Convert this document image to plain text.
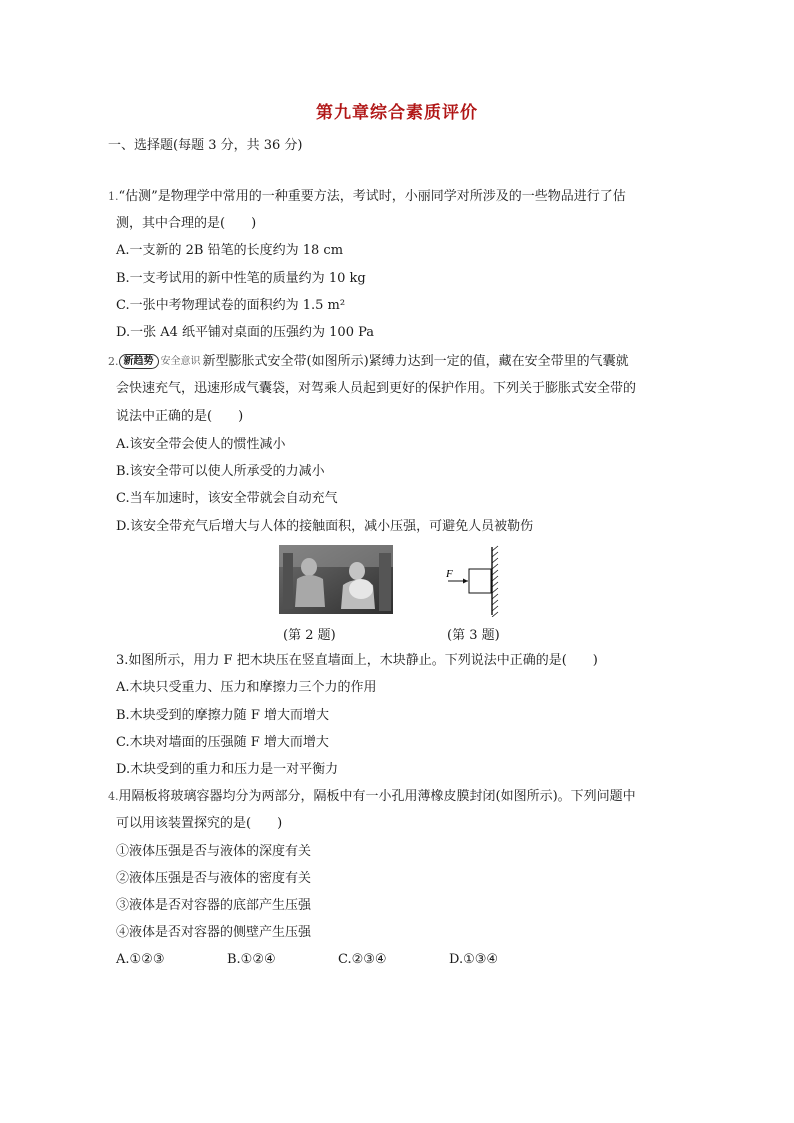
第九章综合素质评价
一、选择题(每题 3 分，共 36 分)
1.“估测”是物理学中常用的一种重要方法，考试时，小丽同学对所涉及的一些物品进行了估
测，其中合理的是(　　)
A.一支新的 2B 铅笔的长度约为 18 cm
B.一支考试用的新中性笔的质量约为 10 kg
C.一张中考物理试卷的面积约为 1.5 m²
D.一张 A4 纸平铺对桌面的压强约为 100 Pa
2. 新趋势 安全意识 新型膨胀式安全带(如图所示)紧缚力达到一定的值，藏在安全带里的气囊就
会快速充气，迅速形成气囊袋，对驾乘人员起到更好的保护作用。下列关于膨胀式安全带的
说法中正确的是(　　)
A.该安全带会使人的惯性减小
B.该安全带可以使人所承受的力减小
C.当车加速时，该安全带就会自动充气
D.该安全带充气后增大与人体的接触面积，减小压强，可避免人员被勒伤
F
(第 2 题)	(第 3 题)
3.如图所示，用力 F 把木块压在竖直墙面上，木块静止。下列说法中正确的是(　　)
A.木块只受重力、压力和摩擦力三个力的作用
B.木块受到的摩擦力随 F 增大而增大
C.木块对墙面的压强随 F 增大而增大
D.木块受到的重力和压力是一对平衡力
4.用隔板将玻璃容器均分为两部分，隔板中有一小孔用薄橡皮膜封闭(如图所示)。下列问题中
可以用该装置探究的是(　　)
①液体压强是否与液体的深度有关
②液体压强是否与液体的密度有关
③液体是否对容器的底部产生压强
④液体是否对容器的侧壁产生压强
A.①②③	B.①②④	C.②③④	D.①③④
